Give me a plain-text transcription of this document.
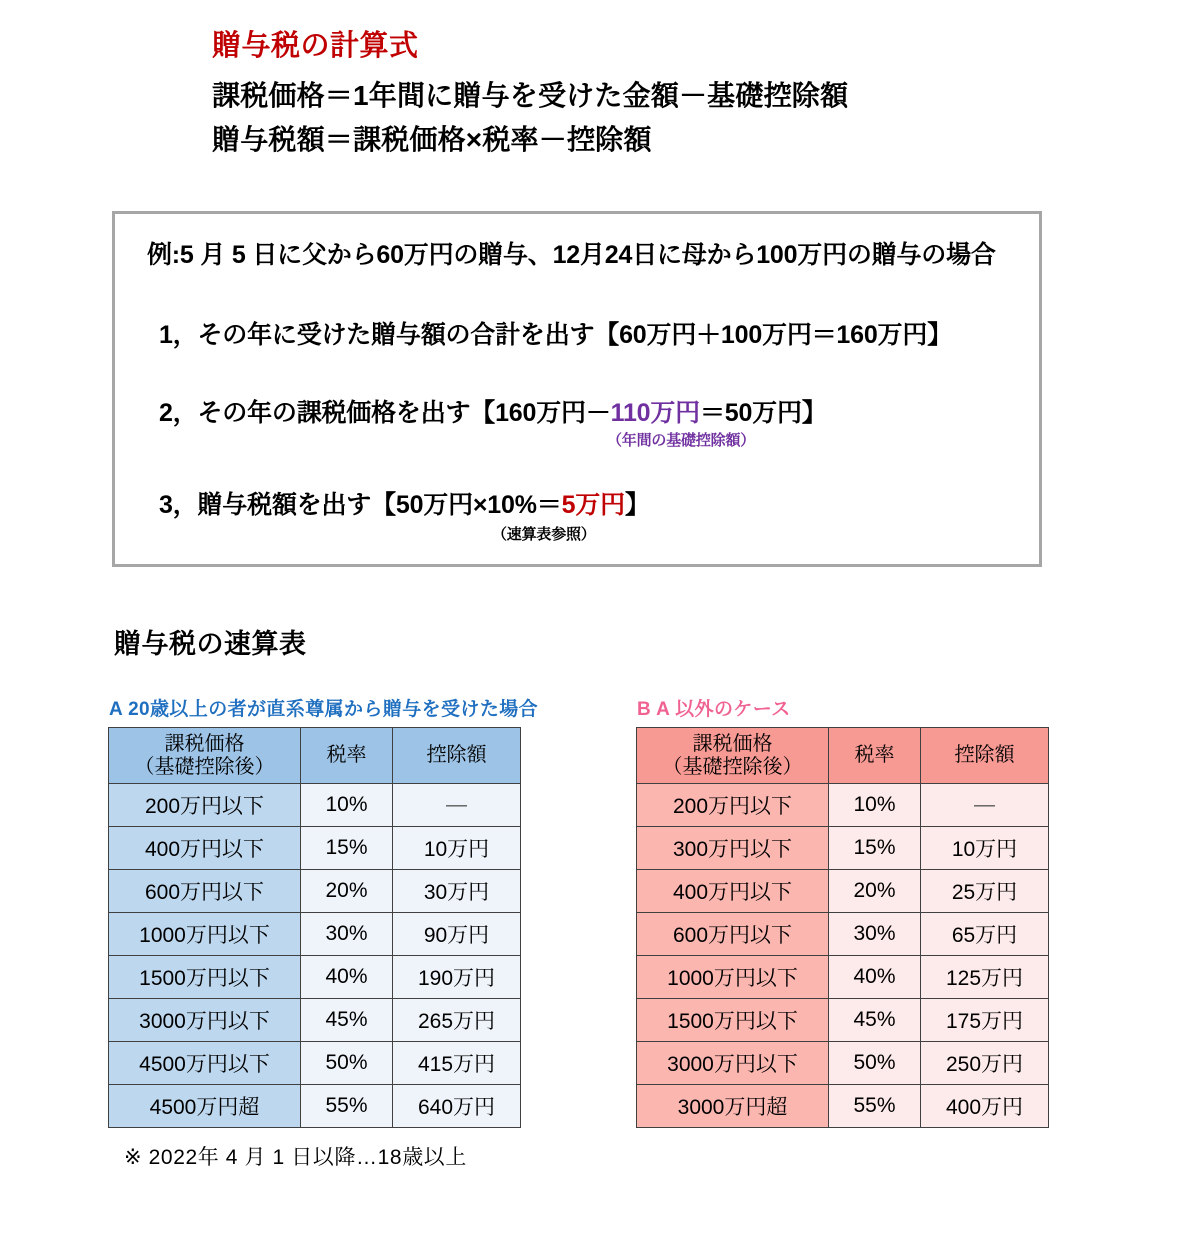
贈与税の計算式
課税価格＝1年間に贈与を受けた金額－基礎控除額
贈与税額＝課税価格×税率－控除額
例:5 月 5 日に父から60万円の贈与、12月24日に母から100万円の贈与の場合
1，その年に受けた贈与額の合計を出す【60万円＋100万円＝160万円】
2，その年の課税価格を出す【160万円－110万円＝50万円】
（年間の基礎控除額）
3，贈与税額を出す【50万円×10%＝5万円】
（速算表参照）
贈与税の速算表
A 20歳以上の者が直系尊属から贈与を受けた場合
課税価格
（基礎控除後）	税率	控除額
200万円以下	10%	—
400万円以下	15%	10万円
600万円以下	20%	30万円
1000万円以下	30%	90万円
1500万円以下	40%	190万円
3000万円以下	45%	265万円
4500万円以下	50%	415万円
4500万円超	55%	640万円
B A 以外のケース
課税価格
（基礎控除後）	税率	控除額
200万円以下	10%	—
300万円以下	15%	10万円
400万円以下	20%	25万円
600万円以下	30%	65万円
1000万円以下	40%	125万円
1500万円以下	45%	175万円
3000万円以下	50%	250万円
3000万円超	55%	400万円
※ 2022年 4 月 1 日以降…18歳以上
